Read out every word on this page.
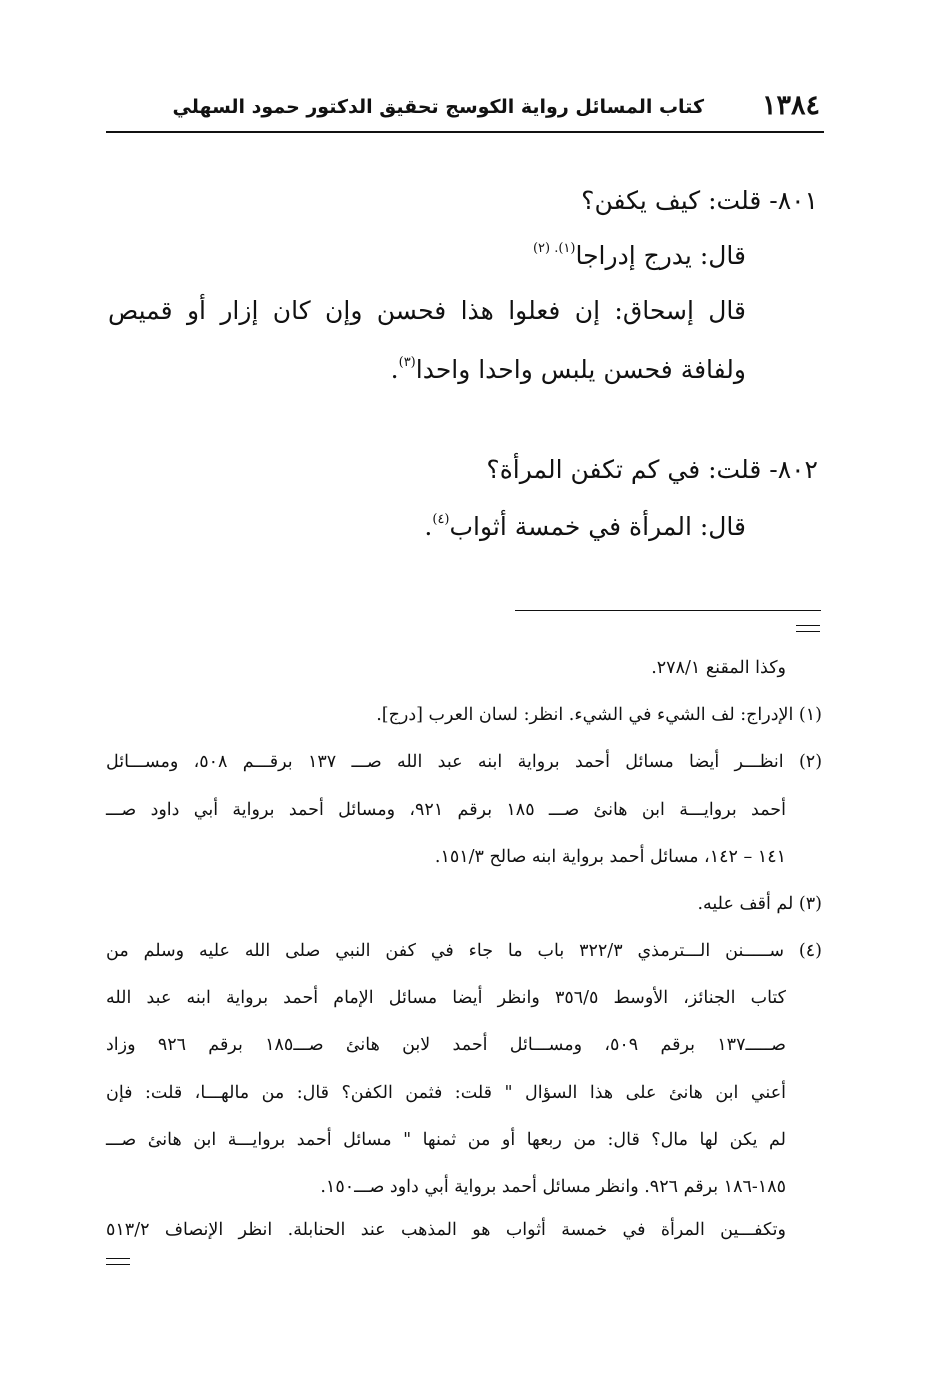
١٣٨٤
كتاب المسائل رواية الكوسج تحقيق الدكتور حمود السهلي
٨٠١- قلت: كيف يكفن؟
قال: يدرج إدراجا$^{(١). (٢)}$
قال إسحاق: إن فعلوا هذا فحسن وإن كان إزار أو قميص
ولفافة فحسن يلبس واحدا واحدا$^{(٣)}$.
٨٠٢- قلت: في كم تكفن المرأة؟
قال: المرأة في خمسة أثواب$^{(٤)}$.
وكذا المقنع ٢٧٨/١.
(١) الإدراج: لف الشيء في الشيء. انظر: لسان العرب [درج].
(٢) انظـــر أيضا مسائل أحمد برواية ابنه عبد الله صـــ ١٣٧ برقـــم ٥٠٨، ومســـائل
أحمد بروايـــة ابن هانئ صـــ ١٨٥ برقم ٩٢١، ومسائل أحمد برواية أبي داود صـــ
١٤١ – ١٤٢، مسائل أحمد برواية ابنه صالح ١٥١/٣.
(٣) لم أقف عليه.
(٤) ســـــنن الـــترمذي ٣٢٢/٣ باب ما جاء في كفن النبي صلى الله عليه وسلم من
كتاب الجنائز، الأوسط ٣٥٦/٥ وانظر أيضا مسائل الإمام أحمد برواية ابنه عبد الله
صـــــ١٣٧ برقم ٥٠٩، ومســـائل أحمد لابن هانئ صـــ١٨٥ برقم ٩٢٦ وزاد
أعني ابن هانئ على هذا السؤال " قلت: فثمن الكفن؟ قال: من مالهـــا، قلت: فإن
لم يكن لها مال؟ قال: من ربعها أو من ثمنها " مسائل أحمد بروايـــة ابن هانئ صـــ
١٨٥-١٨٦ برقم ٩٢٦. وانظر مسائل أحمد برواية أبي داود صـــ١٥٠.
وتكفـــين المرأة في خمسة أثواب هو المذهب عند الحنابلة. انظر الإنصاف ٥١٣/٢
